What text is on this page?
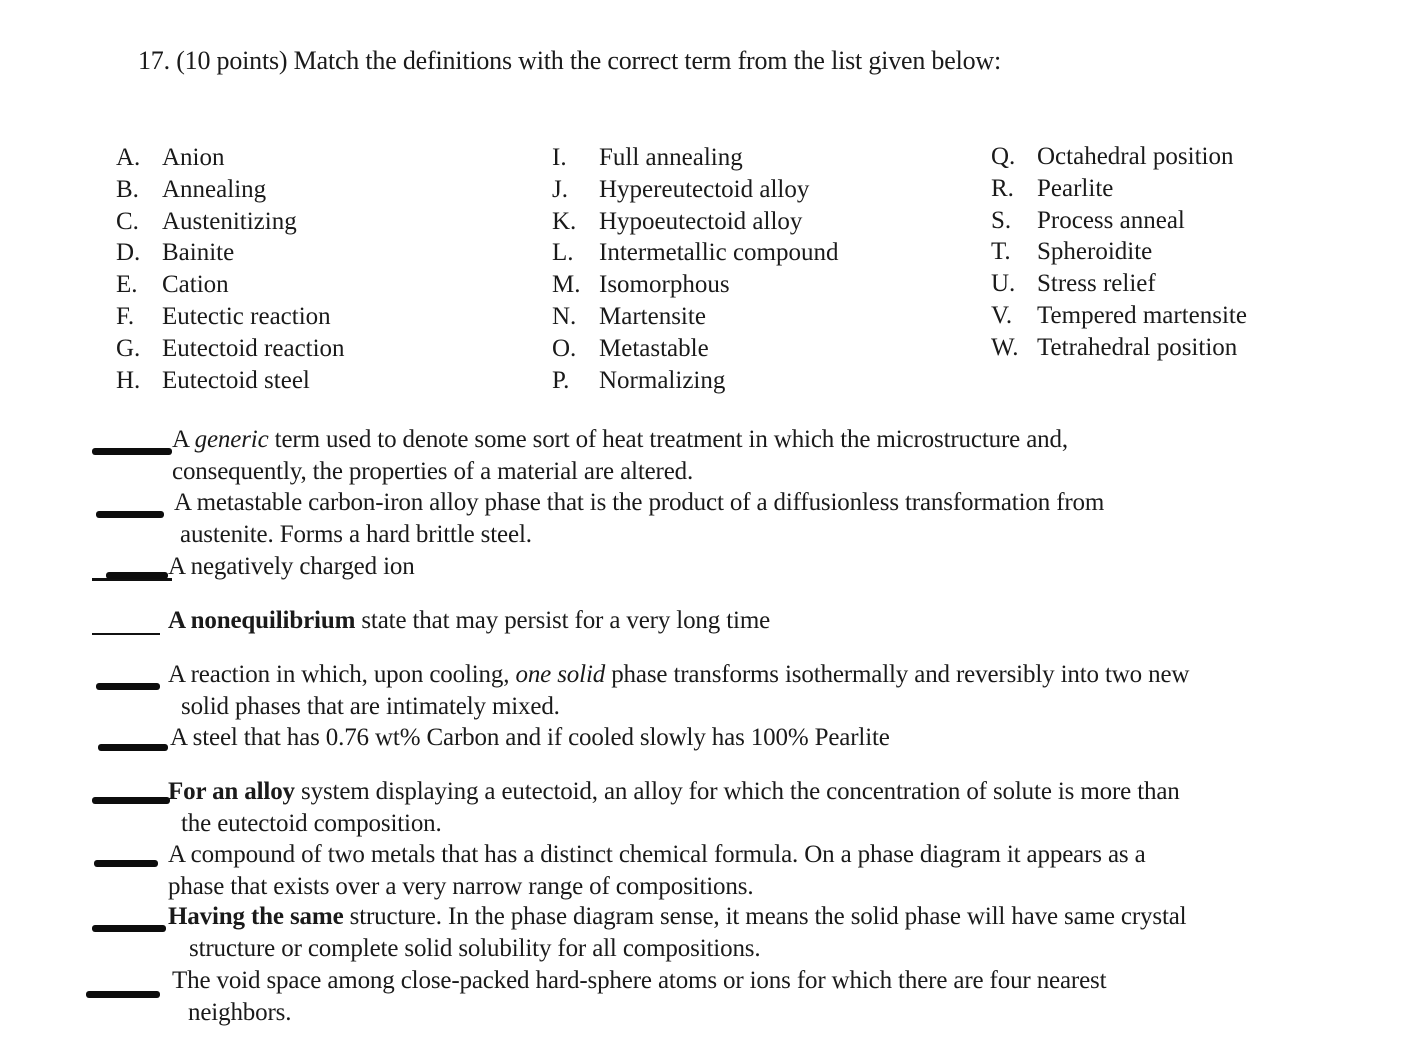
17. (10 points) Match the definitions with the correct term from the list given below:
A. Anion
B. Annealing
C. Austenitizing
D. Bainite
E. Cation
F.	Eutectic reaction
G. Eutectoid reaction
H. Eutectoid steel
I.	Full annealing
J.	Hypereutectoid alloy
K. Hypoeutectoid alloy
L.	Intermetallic compound
M. Isomorphous
N. Martensite
O. Metastable
P.	Normalizing
Q. Octahedral position
R. Pearlite
S.	Process anneal
T.	Spheroidite
U. Stress relief
V. Tempered martensite
W. Tetrahedral position
A generic term used to denote some sort of heat treatment in which the microstructure and,
consequently, the properties of a material are altered.
A metastable carbon-iron alloy phase that is the product of a diffusionless transformation from
austenite. Forms a hard brittle steel.
A negatively charged ion
A nonequilibrium state that may persist for a very long time
A reaction in which, upon cooling, one solid phase transforms isothermally and reversibly into two new
solid phases that are intimately mixed.
A steel that has 0.76 wt% Carbon and if cooled slowly has 100% Pearlite
For an alloy system displaying a eutectoid, an alloy for which the concentration of solute is more than
the eutectoid composition.
A compound of two metals that has a distinct chemical formula. On a phase diagram it appears as a
phase that exists over a very narrow range of compositions.
Having the same structure. In the phase diagram sense, it means the solid phase will have same crystal
structure or complete solid solubility for all compositions.
The void space among close-packed hard-sphere atoms or ions for which there are four nearest
neighbors.
